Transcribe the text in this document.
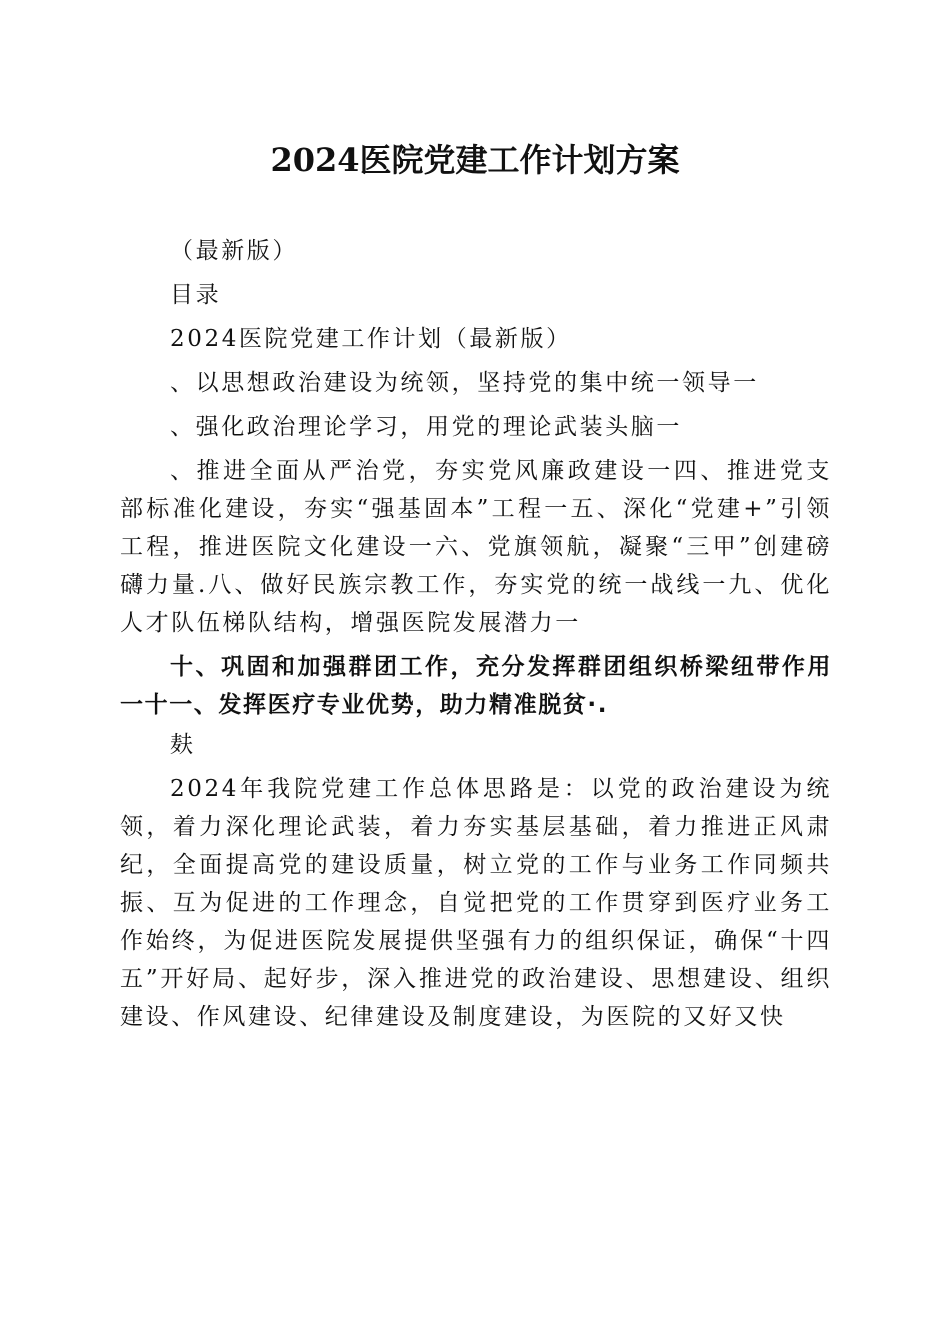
2024医院党建工作计划方案

（最新版）

目录

2024医院党建工作计划（最新版）

、以思想政治建设为统领，坚持党的集中统一领导一

、强化政治理论学习，用党的理论武装头脑一

、推进全面从严治党，夯实党风廉政建设一四、推进党支部标准化建设，夯实“强基固本”工程一五、深化“党建+”引领工程，推进医院文化建设一六、党旗领航，凝聚“三甲”创建磅礴力量.八、做好民族宗教工作，夯实党的统一战线一九、优化人才队伍梯队结构，增强医院发展潜力一

十、巩固和加强群团工作，充分发挥群团组织桥梁纽带作用一十一、发挥医疗专业优势，助力精准脱贫·.

麸

2024年我院党建工作总体思路是：以党的政治建设为统领，着力深化理论武装，着力夯实基层基础，着力推进正风肃纪，全面提高党的建设质量，树立党的工作与业务工作同频共振、互为促进的工作理念，自觉把党的工作贯穿到医疗业务工作始终，为促进医院发展提供坚强有力的组织保证，确保“十四五”开好局、起好步，深入推进党的政治建设、思想建设、组织建设、作风建设、纪律建设及制度建设，为医院的又好又快
